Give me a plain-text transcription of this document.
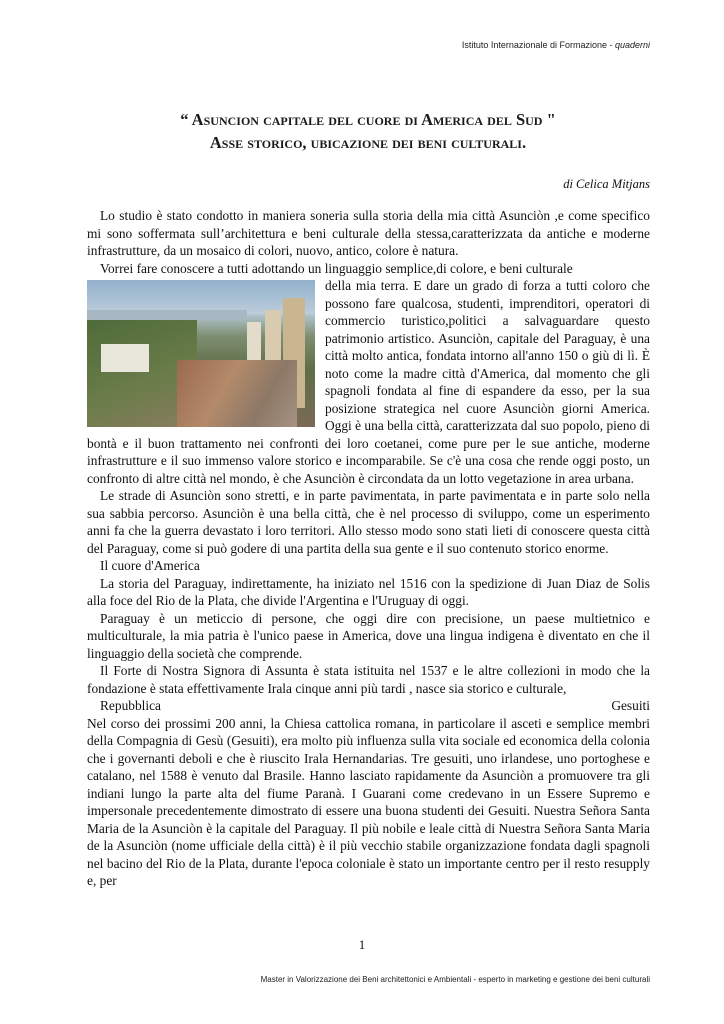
Istituto Internazionale di Formazione - quaderni
“ Asuncion capitale del cuore di America del Sud "
Asse storico, ubicazione dei beni culturali.
di Celica Mitjans

Lo studio è stato condotto in maniera soneria sulla storia della mia città Asunciòn ,e come specifico mi sono soffermata sull’architettura e beni culturale della stessa,caratterizzata da antiche e moderne infrastrutture, da un mosaico di colori, nuovo, antico, colore è natura.

Vorrei fare conoscere a tutti adottando un linguaggio semplice,di colore, e beni culturale

della mia terra. E dare un grado di forza a tutti coloro che possono fare qualcosa, studenti, imprenditori, operatori di commercio turistico,politici a salvaguardare questo patrimonio artistico. Asunciòn, capitale del Paraguay, è una città molto antica, fondata intorno all'anno 150 o giù di lì. È noto come la madre città d'America, dal momento che gli spagnoli fondata al fine di espandere da esso, per la sua posizione strategica nel cuore Asunciòn giorni America. Oggi è una bella città, caratterizzata dal suo popolo, pieno di bontà e il buon trattamento nei confronti dei loro coetanei, come pure per le sue antiche, moderne infrastrutture e il suo immenso valore storico e incomparabile. Se c'è una cosa che rende oggi posto, un confronto di altre città nel mondo, è che Asunciòn è circondata da un lotto vegetazione in area urbana.

Le strade di Asunciòn sono stretti, e in parte pavimentata, in parte pavimentata e in parte solo nella sua sabbia percorso. Asunciòn è una bella città, che è nel processo di sviluppo, come un esperimento anni fa che la guerra devastato i loro territori. Allo stesso modo sono stati lieti di conoscere questa città del Paraguay, come si può godere di una partita della sua gente e il suo contenuto storico enorme.

Il cuore d'America

La storia del Paraguay, indirettamente, ha iniziato nel 1516 con la spedizione di Juan Diaz de Solis alla foce del Rio de la Plata, che divide l'Argentina e l'Uruguay di oggi.

Paraguay è un meticcio di persone, che oggi dire con precisione, un paese multietnico e multiculturale, la mia patria è l'unico paese in America, dove una lingua indigena è diventato en che il linguaggio della società che comprende.

Il Forte di Nostra Signora di Assunta è stata istituita nel 1537 e le altre collezioni in modo che la fondazione è stata effettivamente Irala cinque anni più tardi , nasce sia storico e culturale,

Repubblica	Gesuiti

Nel corso dei prossimi 200 anni, la Chiesa cattolica romana, in particolare il asceti e semplice membri della Compagnia di Gesù (Gesuiti), era molto più influenza sulla vita sociale ed economica della colonia che i governanti deboli e che è riuscito Irala Hernandarias. Tre gesuiti, uno irlandese, uno portoghese e catalano, nel 1588 è venuto dal Brasile. Hanno lasciato rapidamente da Asunciòn a promuovere tra gli indiani lungo la parte alta del fiume Paranà. I Guarani come credevano in un Essere Supremo e impersonale precedentemente dimostrato di essere una buona studenti dei Gesuiti. Nuestra Señora Santa Maria de la Asunciòn è la capitale del Paraguay. Il più nobile e leale città di Nuestra Señora Santa Maria de la Asunciòn (nome ufficiale della città) è il più vecchio stabile organizzazione fondata dagli spagnoli nel bacino del Rio de la Plata, durante l'epoca coloniale è stato un importante centro per il resto resupply e, per

1
Master in Valorizzazione dei Beni architettonici e Ambientali - esperto in marketing e gestione dei beni culturali
